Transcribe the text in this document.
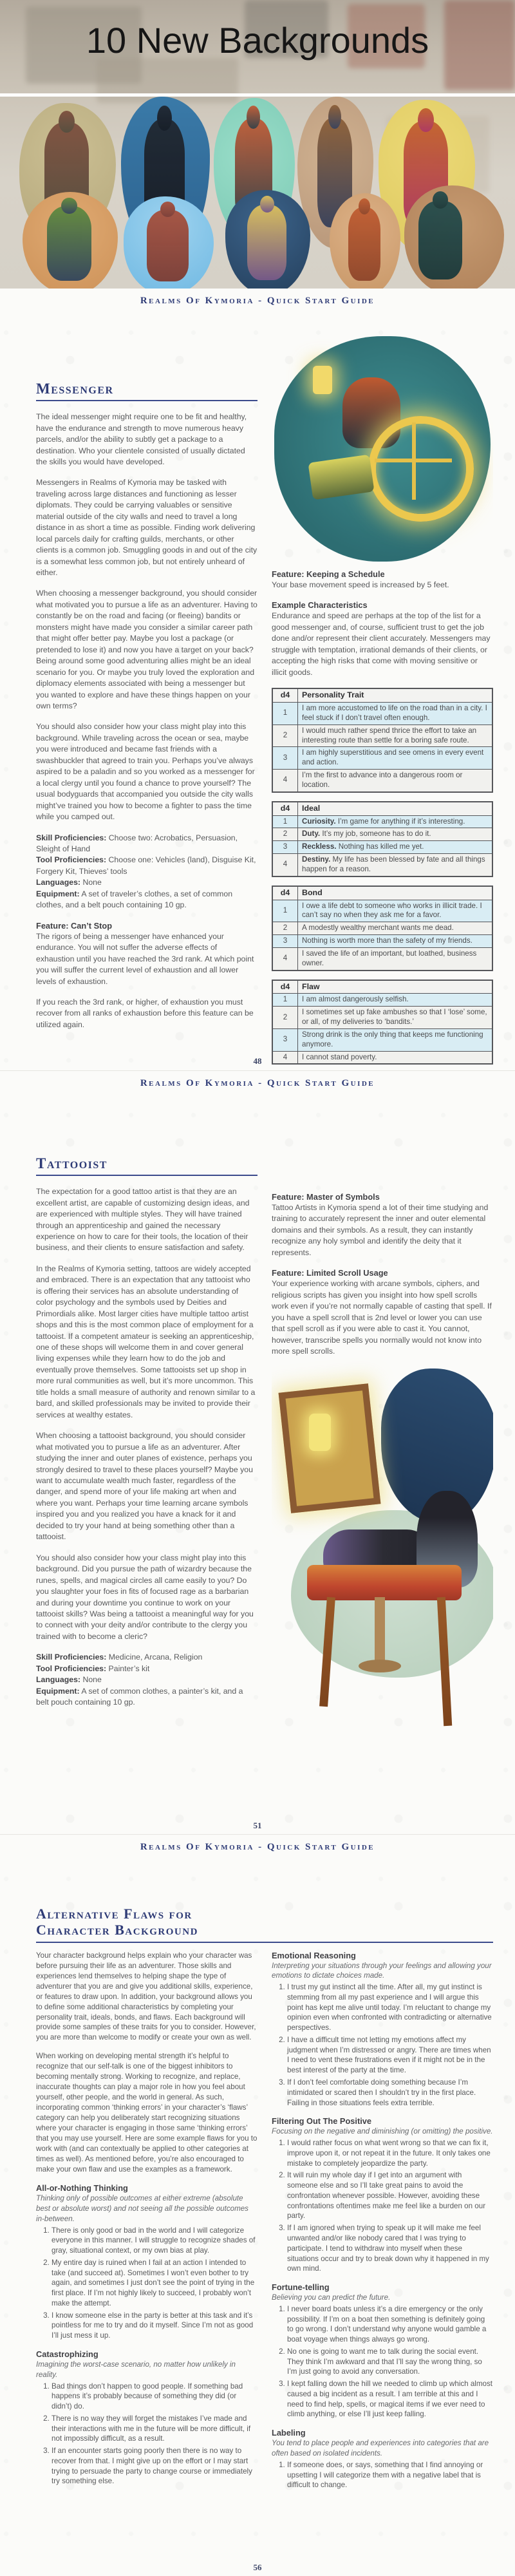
10 New Backgrounds
Realms Of Kymoria - Quick Start Guide
Messenger

The ideal messenger might require one to be fit and healthy, have the endurance and strength to move numerous heavy parcels, and/or the ability to subtly get a package to a destination. Who your clientele consisted of usually dictated the skills you would have developed.

Messengers in Realms of Kymoria may be tasked with traveling across large distances and functioning as lesser diplomats. They could be carrying valuables or sensitive material outside of the city walls and need to travel a long distance in as short a time as possible. Finding work delivering local parcels daily for crafting guilds, merchants, or other clients is a common job. Smuggling goods in and out of the city is a somewhat less common job, but not entirely unheard of either.

When choosing a messenger background, you should consider what motivated you to pursue a life as an adventurer. Having to constantly be on the road and facing (or fleeing) bandits or monsters might have made you consider a similar career path that might offer better pay. Maybe you lost a package (or pretended to lose it) and now you have a target on your back? Being around some good adventuring allies might be an ideal scenario for you. Or maybe you truly loved the exploration and diplomacy elements associated with being a messenger but you wanted to explore and have these things happen on your own terms?

You should also consider how your class might play into this background. While traveling across the ocean or sea, maybe you were introduced and became fast friends with a swashbuckler that agreed to train you. Perhaps you’ve always aspired to be a paladin and so you worked as a messenger for a local clergy until you found a chance to prove yourself? The usual bodyguards that accompanied you outside the city walls might’ve trained you how to become a fighter to pass the time while you camped out.

Skill Proficiencies: Choose two: Acrobatics, Persuasion, Sleight of Hand

Tool Proficiencies: Choose one: Vehicles (land), Disguise Kit, Forgery Kit, Thieves’ tools

Languages: None

Equipment: A set of traveler’s clothes, a set of common clothes, and a belt pouch containing 10 gp.

Feature: Can’t Stop

The rigors of being a messenger have enhanced your endurance. You will not suffer the adverse effects of exhaustion until you have reached the 3rd rank. At which point you will suffer the current level of exhaustion and all lower levels of exhaustion.

If you reach the 3rd rank, or higher, of exhaustion you must recover from all ranks of exhaustion before this feature can be utilized again.

Feature: Keeping a Schedule

Your base movement speed is increased by 5 feet.

Example Characteristics

Endurance and speed are perhaps at the top of the list for a good messenger and, of course, sufficient trust to get the job done and/or represent their client accurately. Messengers may struggle with temptation, irrational demands of their clients, or accepting the high risks that come with moving sensitive or illicit goods.

d4	Personality Trait
1	I am more accustomed to life on the road than in a city. I feel stuck if I don’t travel often enough.
2	I would much rather spend thrice the effort to take an interesting route than settle for a boring safe route.
3	I am highly superstitious and see omens in every event and action.
4	I’m the first to advance into a dangerous room or location.
d4	Ideal
1	Curiosity. I’m game for anything if it’s interesting.
2	Duty. It’s my job, someone has to do it.
3	Reckless. Nothing has killed me yet.
4	Destiny. My life has been blessed by fate and all things happen for a reason.
d4	Bond
1	I owe a life debt to someone who works in illicit trade. I can’t say no when they ask me for a favor.
2	A modestly wealthy merchant wants me dead.
3	Nothing is worth more than the safety of my friends.
4	I saved the life of an important, but loathed, business owner.
d4	Flaw
1	I am almost dangerously selfish.
2	I sometimes set up fake ambushes so that I ‘lose’ some, or all, of my deliveries to ‘bandits.’
3	Strong drink is the only thing that keeps me functioning anymore.
4	I cannot stand poverty.
48
Realms Of Kymoria - Quick Start Guide
Tattooist

The expectation for a good tattoo artist is that they are an excellent artist, are capable of customizing design ideas, and are experienced with multiple styles. They will have trained through an apprenticeship and gained the necessary experience on how to care for their tools, the location of their business, and their clients to ensure satisfaction and safety.

In the Realms of Kymoria setting, tattoos are widely accepted and embraced. There is an expectation that any tattooist who is offering their services has an absolute understanding of color psychology and the symbols used by Deities and Primordials alike. Most larger cities have multiple tattoo artist shops and this is the most common place of employment for a tattooist. If a competent amateur is seeking an apprenticeship, one of these shops will welcome them in and cover general living expenses while they learn how to do the job and eventually prove themselves. Some tattooists set up shop in more rural communities as well, but it’s more uncommon. This title holds a small measure of authority and renown similar to a bard, and skilled professionals may be invited to provide their services at wealthy estates.

When choosing a tattooist background, you should consider what motivated you to pursue a life as an adventurer. After studying the inner and outer planes of existence, perhaps you strongly desired to travel to these places yourself? Maybe you want to accumulate wealth much faster, regardless of the danger, and spend more of your life making art when and where you want. Perhaps your time learning arcane symbols inspired you and you realized you have a knack for it and decided to try your hand at being something other than a tattooist.

You should also consider how your class might play into this background. Did you pursue the path of wizardry because the runes, spells, and magical circles all came easily to you? Do you slaughter your foes in fits of focused rage as a barbarian and during your downtime you continue to work on your tattooist skills? Was being a tattooist a meaningful way for you to connect with your deity and/or contribute to the clergy you trained with to become a cleric?

Skill Proficiencies: Medicine, Arcana, Religion

Tool Proficiencies: Painter’s kit

Languages: None

Equipment: A set of common clothes, a painter’s kit, and a belt pouch containing 10 gp.

Feature: Master of Symbols

Tattoo Artists in Kymoria spend a lot of their time studying and training to accurately represent the inner and outer elemental domains and their symbols. As a result, they can instantly recognize any holy symbol and identify the deity that it represents.

Feature: Limited Scroll Usage

Your experience working with arcane symbols, ciphers, and religious scripts has given you insight into how spell scrolls work even if you’re not normally capable of casting that spell. If you have a spell scroll that is 2nd level or lower you can use that spell scroll as if you were able to cast it. You cannot, however, transcribe spells you normally would not know into more spell scrolls.

51
Realms Of Kymoria - Quick Start Guide
Alternative Flaws for
Character Background

Your character background helps explain who your character was before pursuing their life as an adventurer. Those skills and experiences lend themselves to helping shape the type of adventurer that you are and give you additional skills, experience, or features to draw upon. In addition, your background allows you to define some additional characteristics by completing your personality trait, ideals, bonds, and flaws. Each background will provide some samples of these traits for you to consider. However, you are more than welcome to modify or create your own as well.

When working on developing mental strength it’s helpful to recognize that our self-talk is one of the biggest inhibitors to becoming mentally strong. Working to recognize, and replace, inaccurate thoughts can play a major role in how you feel about yourself, other people, and the world in general. As such, incorporating common ‘thinking errors’ in your character’s ‘flaws’ category can help you deliberately start recognizing situations where your character is engaging in those same ‘thinking errors’ that you may use yourself. Here are some example flaws for you to work with (and can contextually be applied to other categories at times as well). As mentioned before, you’re also encouraged to make your own flaw and use the examples as a framework.

All-or-Nothing Thinking
Thinking only of possible outcomes at either extreme (absolute best or absolute worst) and not seeing all the possible outcomes in-between.
1. There is only good or bad in the world and I will categorize everyone in this manner. I will struggle to recognize shades of gray, situational context, or my own bias at play.
2. My entire day is ruined when I fail at an action I intended to take (and succeed at). Sometimes I won’t even bother to try again, and sometimes I just don’t see the point of trying in the first place. If I’m not highly likely to succeed, I probably won’t make the attempt.
3. I know someone else in the party is better at this task and it’s pointless for me to try and do it myself. Since I’m not as good I’ll just mess it up.
Catastrophizing
Imagining the worst-case scenario, no matter how unlikely in reality.
1. Bad things don’t happen to good people. If something bad happens it’s probably because of something they did (or didn’t) do.
2. There is no way they will forget the mistakes I’ve made and their interactions with me in the future will be more difficult, if not impossibly difficult, as a result.
3. If an encounter starts going poorly then there is no way to recover from that. I might give up on the effort or I may start trying to persuade the party to change course or immediately try something else.
Emotional Reasoning
Interpreting your situations through your feelings and allowing your emotions to dictate choices made.
1. I trust my gut instinct all the time. After all, my gut instinct is stemming from all my past experience and I will argue this point has kept me alive until today. I’m reluctant to change my opinion even when confronted with contradicting or alternative perspectives.
2. I have a difficult time not letting my emotions affect my judgment when I’m distressed or angry. There are times when I need to vent these frustrations even if it might not be in the best interest of the party at the time.
3. If I don’t feel comfortable doing something because I’m intimidated or scared then I shouldn’t try in the first place. Failing in those situations feels extra terrible.
Filtering Out The Positive
Focusing on the negative and diminishing (or omitting) the positive.
1. I would rather focus on what went wrong so that we can fix it, improve upon it, or not repeat it in the future. It only takes one mistake to completely jeopardize the party.
2. It will ruin my whole day if I get into an argument with someone else and so I’ll take great pains to avoid the confrontation whenever possible. However, avoiding these confrontations oftentimes make me feel like a burden on our party.
3. If I am ignored when trying to speak up it will make me feel unwanted and/or like nobody cared that I was trying to participate. I tend to withdraw into myself when these situations occur and try to break down why it happened in my own mind.
Fortune-telling
Believing you can predict the future.
1. I never board boats unless it’s a dire emergency or the only possibility. If I’m on a boat then something is definitely going to go wrong. I don’t understand why anyone would gamble a boat voyage when things always go wrong.
2. No one is going to want me to talk during the social event. They think I’m awkward and that I’ll say the wrong thing, so I’m just going to avoid any conversation.
3. I kept falling down the hill we needed to climb up which almost caused a big incident as a result. I am terrible at this and I need to find help, spells, or magical items if we ever need to climb anything, or else I’ll just keep falling.
Labeling
You tend to place people and experiences into categories that are often based on isolated incidents.
1. If someone does, or says, something that I find annoying or upsetting I will categorize them with a negative label that is difficult to change.
56
